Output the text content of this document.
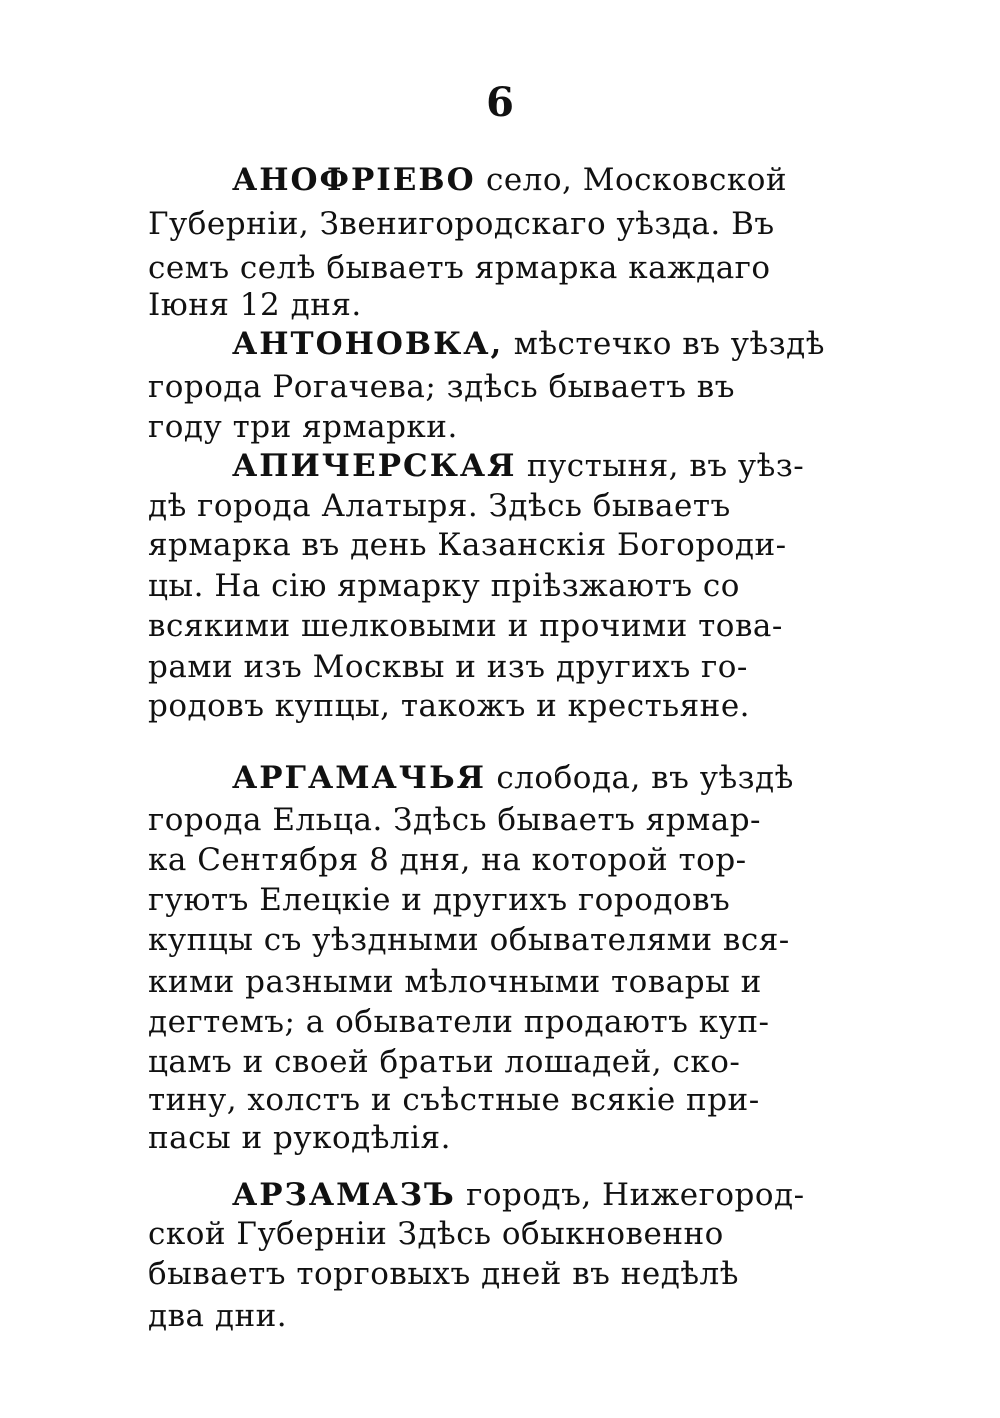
6
АНОФРІЕВО село, Московской
Губерніи, Звенигородскаго уѣзда. Въ
семъ селѣ бываетъ ярмарка каждаго
Іюня 12 дня.
АНТОНОВКА, мѣстечко въ уѣздѣ
города Рогачева; здѣсь бываетъ въ
году три ярмарки.
АПИЧЕРСКАЯ пустыня, въ уѣз-
дѣ города Алатыря. Здѣсь бываетъ
ярмарка въ день Казанскія Богороди-
цы. На сію ярмарку пріѣзжаютъ со
всякими шелковыми и прочими това-
рами изъ Москвы и изъ другихъ го-
родовъ купцы, такожъ и крестьяне.
АРГАМАЧЬЯ слобода, въ уѣздѣ
города Ельца. Здѣсь бываетъ ярмар-
ка Сентября 8 дня, на которой тор-
гуютъ Елецкіе и другихъ городовъ
купцы съ уѣздными обывателями вся-
кими разными мѣлочными товары и
дегтемъ; а обыватели продаютъ куп-
цамъ и своей братьи лошадей, ско-
тину, холстъ и съѣстные всякіе при-
пасы и рукодѣлія.
АРЗАМАЗЪ городъ, Нижегород-
ской Губерніи Здѣсь обыкновенно
бываетъ торговыхъ дней въ недѣлѣ
два дни.
